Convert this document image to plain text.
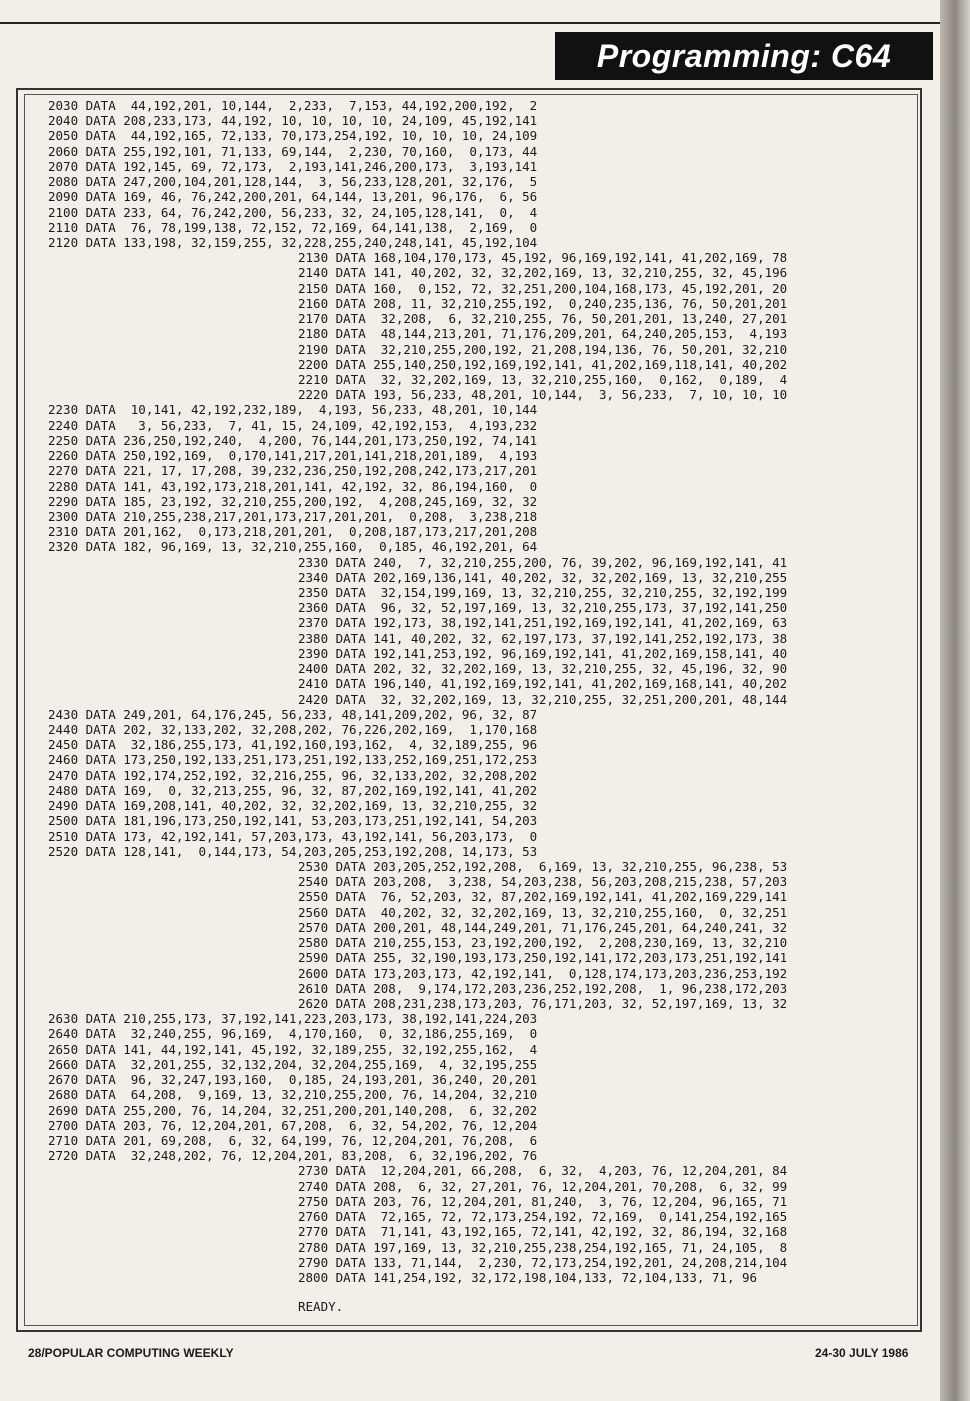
Programming: C64
2030 DATA  44,192,201, 10,144,  2,233,  7,153, 44,192,200,192,  2
2040 DATA 208,233,173, 44,192, 10, 10, 10, 10, 24,109, 45,192,141
2050 DATA  44,192,165, 72,133, 70,173,254,192, 10, 10, 10, 24,109
2060 DATA 255,192,101, 71,133, 69,144,  2,230, 70,160,  0,173, 44
2070 DATA 192,145, 69, 72,173,  2,193,141,246,200,173,  3,193,141
2080 DATA 247,200,104,201,128,144,  3, 56,233,128,201, 32,176,  5
2090 DATA 169, 46, 76,242,200,201, 64,144, 13,201, 96,176,  6, 56
2100 DATA 233, 64, 76,242,200, 56,233, 32, 24,105,128,141,  0,  4
2110 DATA  76, 78,199,138, 72,152, 72,169, 64,141,138,  2,169,  0
2120 DATA 133,198, 32,159,255, 32,228,255,240,248,141, 45,192,104
2130 DATA 168,104,170,173, 45,192, 96,169,192,141, 41,202,169, 78
2140 DATA 141, 40,202, 32, 32,202,169, 13, 32,210,255, 32, 45,196
2150 DATA 160,  0,152, 72, 32,251,200,104,168,173, 45,192,201, 20
2160 DATA 208, 11, 32,210,255,192,  0,240,235,136, 76, 50,201,201
2170 DATA  32,208,  6, 32,210,255, 76, 50,201,201, 13,240, 27,201
2180 DATA  48,144,213,201, 71,176,209,201, 64,240,205,153,  4,193
2190 DATA  32,210,255,200,192, 21,208,194,136, 76, 50,201, 32,210
2200 DATA 255,140,250,192,169,192,141, 41,202,169,118,141, 40,202
2210 DATA  32, 32,202,169, 13, 32,210,255,160,  0,162,  0,189,  4
2220 DATA 193, 56,233, 48,201, 10,144,  3, 56,233,  7, 10, 10, 10
2230 DATA  10,141, 42,192,232,189,  4,193, 56,233, 48,201, 10,144
2240 DATA   3, 56,233,  7, 41, 15, 24,109, 42,192,153,  4,193,232
2250 DATA 236,250,192,240,  4,200, 76,144,201,173,250,192, 74,141
2260 DATA 250,192,169,  0,170,141,217,201,141,218,201,189,  4,193
2270 DATA 221, 17, 17,208, 39,232,236,250,192,208,242,173,217,201
2280 DATA 141, 43,192,173,218,201,141, 42,192, 32, 86,194,160,  0
2290 DATA 185, 23,192, 32,210,255,200,192,  4,208,245,169, 32, 32
2300 DATA 210,255,238,217,201,173,217,201,201,  0,208,  3,238,218
2310 DATA 201,162,  0,173,218,201,201,  0,208,187,173,217,201,208
2320 DATA 182, 96,169, 13, 32,210,255,160,  0,185, 46,192,201, 64
2330 DATA 240,  7, 32,210,255,200, 76, 39,202, 96,169,192,141, 41
2340 DATA 202,169,136,141, 40,202, 32, 32,202,169, 13, 32,210,255
2350 DATA  32,154,199,169, 13, 32,210,255, 32,210,255, 32,192,199
2360 DATA  96, 32, 52,197,169, 13, 32,210,255,173, 37,192,141,250
2370 DATA 192,173, 38,192,141,251,192,169,192,141, 41,202,169, 63
2380 DATA 141, 40,202, 32, 62,197,173, 37,192,141,252,192,173, 38
2390 DATA 192,141,253,192, 96,169,192,141, 41,202,169,158,141, 40
2400 DATA 202, 32, 32,202,169, 13, 32,210,255, 32, 45,196, 32, 90
2410 DATA 196,140, 41,192,169,192,141, 41,202,169,168,141, 40,202
2420 DATA  32, 32,202,169, 13, 32,210,255, 32,251,200,201, 48,144
2430 DATA 249,201, 64,176,245, 56,233, 48,141,209,202, 96, 32, 87
2440 DATA 202, 32,133,202, 32,208,202, 76,226,202,169,  1,170,168
2450 DATA  32,186,255,173, 41,192,160,193,162,  4, 32,189,255, 96
2460 DATA 173,250,192,133,251,173,251,192,133,252,169,251,172,253
2470 DATA 192,174,252,192, 32,216,255, 96, 32,133,202, 32,208,202
2480 DATA 169,  0, 32,213,255, 96, 32, 87,202,169,192,141, 41,202
2490 DATA 169,208,141, 40,202, 32, 32,202,169, 13, 32,210,255, 32
2500 DATA 181,196,173,250,192,141, 53,203,173,251,192,141, 54,203
2510 DATA 173, 42,192,141, 57,203,173, 43,192,141, 56,203,173,  0
2520 DATA 128,141,  0,144,173, 54,203,205,253,192,208, 14,173, 53
2530 DATA 203,205,252,192,208,  6,169, 13, 32,210,255, 96,238, 53
2540 DATA 203,208,  3,238, 54,203,238, 56,203,208,215,238, 57,203
2550 DATA  76, 52,203, 32, 87,202,169,192,141, 41,202,169,229,141
2560 DATA  40,202, 32, 32,202,169, 13, 32,210,255,160,  0, 32,251
2570 DATA 200,201, 48,144,249,201, 71,176,245,201, 64,240,241, 32
2580 DATA 210,255,153, 23,192,200,192,  2,208,230,169, 13, 32,210
2590 DATA 255, 32,190,193,173,250,192,141,172,203,173,251,192,141
2600 DATA 173,203,173, 42,192,141,  0,128,174,173,203,236,253,192
2610 DATA 208,  9,174,172,203,236,252,192,208,  1, 96,238,172,203
2620 DATA 208,231,238,173,203, 76,171,203, 32, 52,197,169, 13, 32
2630 DATA 210,255,173, 37,192,141,223,203,173, 38,192,141,224,203
2640 DATA  32,240,255, 96,169,  4,170,160,  0, 32,186,255,169,  0
2650 DATA 141, 44,192,141, 45,192, 32,189,255, 32,192,255,162,  4
2660 DATA  32,201,255, 32,132,204, 32,204,255,169,  4, 32,195,255
2670 DATA  96, 32,247,193,160,  0,185, 24,193,201, 36,240, 20,201
2680 DATA  64,208,  9,169, 13, 32,210,255,200, 76, 14,204, 32,210
2690 DATA 255,200, 76, 14,204, 32,251,200,201,140,208,  6, 32,202
2700 DATA 203, 76, 12,204,201, 67,208,  6, 32, 54,202, 76, 12,204
2710 DATA 201, 69,208,  6, 32, 64,199, 76, 12,204,201, 76,208,  6
2720 DATA  32,248,202, 76, 12,204,201, 83,208,  6, 32,196,202, 76
2730 DATA  12,204,201, 66,208,  6, 32,  4,203, 76, 12,204,201, 84
2740 DATA 208,  6, 32, 27,201, 76, 12,204,201, 70,208,  6, 32, 99
2750 DATA 203, 76, 12,204,201, 81,240,  3, 76, 12,204, 96,165, 71
2760 DATA  72,165, 72, 72,173,254,192, 72,169,  0,141,254,192,165
2770 DATA  71,141, 43,192,165, 72,141, 42,192, 32, 86,194, 32,168
2780 DATA 197,169, 13, 32,210,255,238,254,192,165, 71, 24,105,  8
2790 DATA 133, 71,144,  2,230, 72,173,254,192,201, 24,208,214,104
2800 DATA 141,254,192, 32,172,198,104,133, 72,104,133, 71, 96
READY.
28/POPULAR COMPUTING WEEKLY	24-30 JULY 1986
